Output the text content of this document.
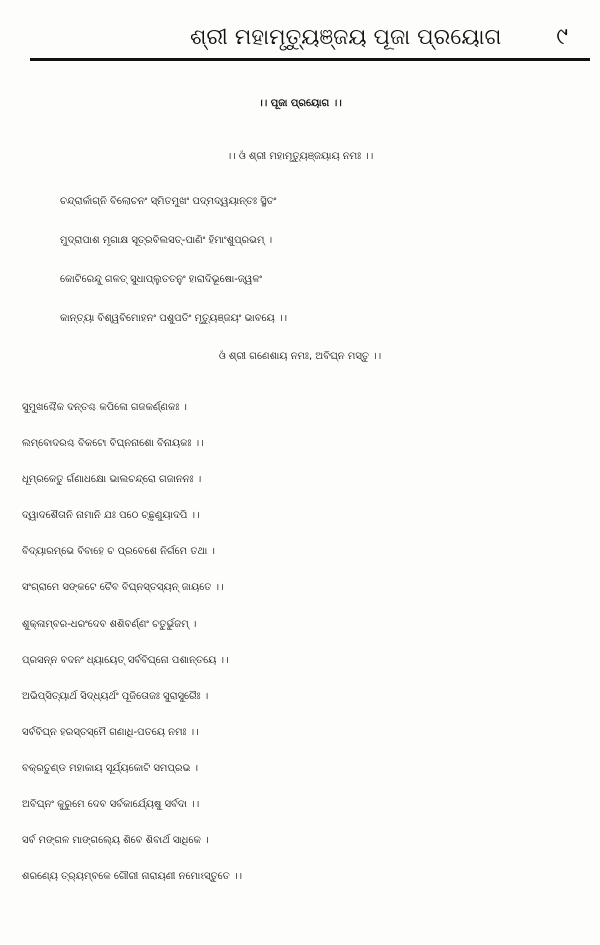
ଶ୍ରୀ ମହାମୃତ୍ୟୁଞ୍ଜୟ ପୂଜା ପ୍ରୟୋଗ ୯
।। ପୂଜା ପ୍ରୟୋଗ ।।
।। ଓଁ ଶ୍ରୀ ମହାମୃତ୍ୟୁଞ୍ଜୟାୟ ନମଃ ।।
ଚନ୍ଦ୍ରାର୍କାଗ୍ନି ବିଲୋଚନଂ ସ୍ମିତମୁଖଂ ପଦ୍ମଦ୍ୱୟାନ୍ତଃ ସ୍ଥିତଂ
ମୁଦ୍ରାପାଶ ମୃଗାକ୍ଷ ସୂତ୍ରବିଲସତ୍-ପାଣିଂ ହିମାଂଶୁପ୍ରଭମ୍ ।
କୋଟିରେନ୍ଦୁ ଗଳତ୍ ସୁଧାପ୍ଲୁତତନୁଂ ହାରାଦିଭୂଷୋ-ଜ୍ୱଳଂ
କାନ୍ତ୍ୟା ବିଶ୍ୱବିମୋହନଂ ପଶୁପତିଂ ମୃତ୍ୟୁଞ୍ଜୟଂ ଭାବୟେ ।।
ଓଁ ଶ୍ରୀ ଗଣେଶାୟ ନମଃ, ଅବିଘ୍ନ ମସ୍ତୁ ।।
ସୁମୁଖଶ୍ଚୈକ ଦନ୍ତଶ୍ଚ କପିଳୋ ଗଜକର୍ଣ୍ଣକଃ ।
ଲମ୍ବୋଦରଶ୍ଚ ବିକଟୋ ବିଘ୍ନନାଶୋ ବିନାୟକଃ ।।
ଧୂମ୍ରକେତୁ ର୍ଗଣାଧକ୍ଷୋ ଭାଲଚନ୍ଦ୍ରୋ ଗଜାନନଃ ।
ଦ୍ୱାଦଶୈତାନି ନାମାନି ଯଃ ପଠେ ଚ୍ଛୃଣୁୟାଦପି ।।
ବିଦ୍ୟାରମ୍ଭେ ବିବାହେ ଚ ପ୍ରବେଶେ ନିର୍ଗମେ ତଥା ।
ସଂଗ୍ରାମେ ସଙ୍କଟେ ଚୈବ ବିଘ୍ନସ୍ତସ୍ୟନ୍ ଜାୟତେ ।।
ଶୁକ୍ଳାମ୍ବର-ଧରଂଦେବ ଶଶିବର୍ଣ୍ଣଂ ଚତୁର୍ଭୁଜମ୍ ।
ପ୍ରସନ୍ନ ବଦନଂ ଧ୍ୟାୟେତ୍ ସର୍ବବିଘ୍ନୋ ପଶାନ୍ତୟେ ।।
ଅଭିପ୍ସିତ୍ୟାର୍ଥ ସିଦ୍ଧ୍ୟର୍ଥଂ ପୂଜିତୋଜଃ ସୁରାସୁରୈଃ ।
ସର୍ବବିଘ୍ନ ହରସ୍ତସ୍ମୈ ଗଣାଧି-ପତୟେ ନମଃ ।।
ବକ୍ରତୁଣ୍ଡ ମହାକାୟ ସୂର୍ଯ୍ୟକୋଟି ସମପ୍ରଭ ।
ଅବିଘ୍ନଂ କୁରୁମେ ଦେବ ସର୍ବକାର୍ଯ୍ୟେଷୁ ସର୍ବଦା ।।
ସର୍ବ ମଙ୍ଗଳ ମାଙ୍ଗଲ୍ୟେ ଶିବେ ଶିବାର୍ଥ ସାଧିକେ ।
ଶରଣ୍ୟେ ତ୍ର୍ୟମ୍ବକେ ଗୌରୀ ନାରାୟଣୀ ନମୋଽସ୍ତୁତେ ।।
